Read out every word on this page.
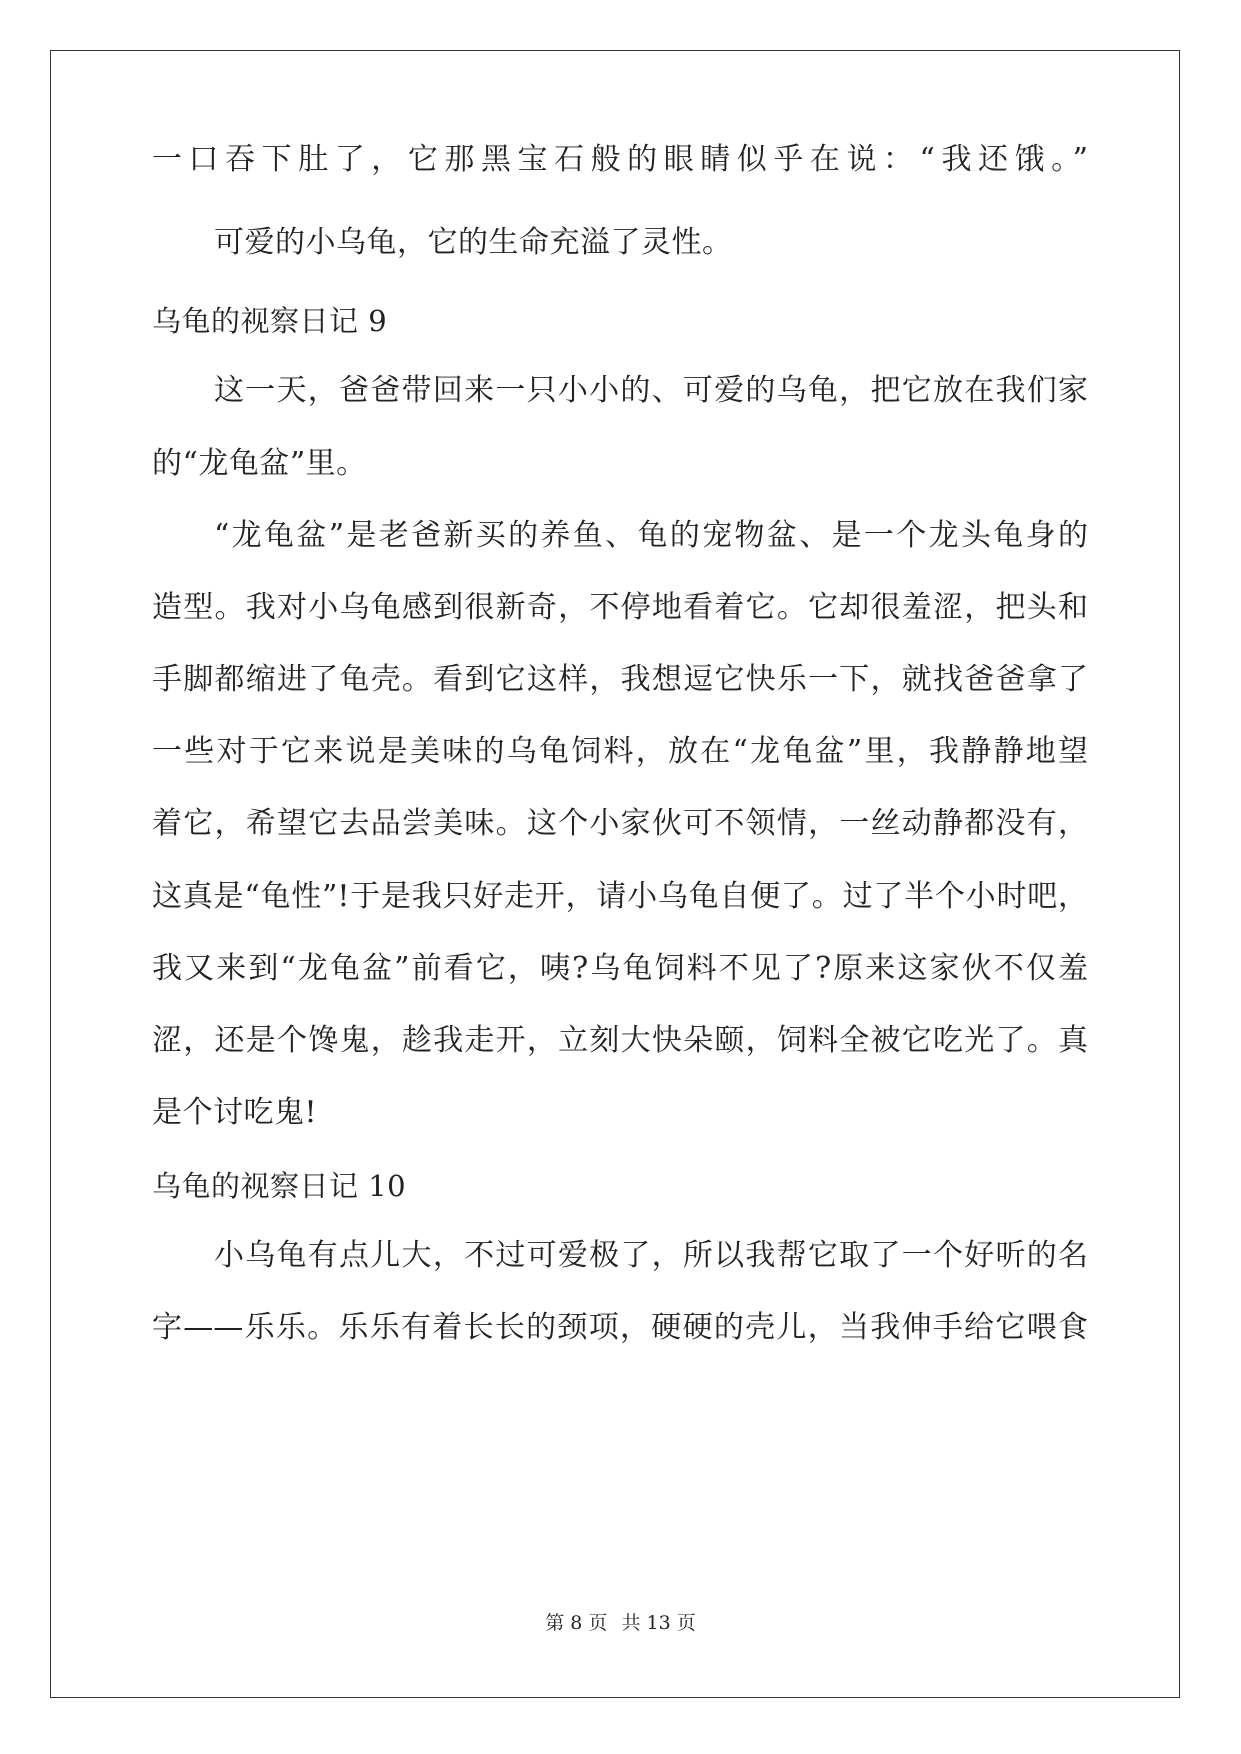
一口吞下肚了，它那黑宝石般的眼睛似乎在说：“我还饿。”
可爱的小乌龟，它的生命充溢了灵性。
乌龟的视察日记 9
这一天，爸爸带回来一只小小的、可爱的乌龟，把它放在我们家
的“龙龟盆”里。
“龙龟盆”是老爸新买的养鱼、龟的宠物盆、是一个龙头龟身的
造型。我对小乌龟感到很新奇，不停地看着它。它却很羞涩，把头和
手脚都缩进了龟壳。看到它这样，我想逗它快乐一下，就找爸爸拿了
一些对于它来说是美味的乌龟饲料，放在“龙龟盆”里，我静静地望
着它，希望它去品尝美味。这个小家伙可不领情，一丝动静都没有，
这真是“龟性”!于是我只好走开，请小乌龟自便了。过了半个小时吧，
我又来到“龙龟盆”前看它，咦?乌龟饲料不见了?原来这家伙不仅羞
涩，还是个馋鬼，趁我走开，立刻大快朵颐，饲料全被它吃光了。真
是个讨吃鬼!
乌龟的视察日记 10
小乌龟有点儿大，不过可爱极了，所以我帮它取了一个好听的名
字——乐乐。乐乐有着长长的颈项，硬硬的壳儿，当我伸手给它喂食
第 8 页 共 13 页
